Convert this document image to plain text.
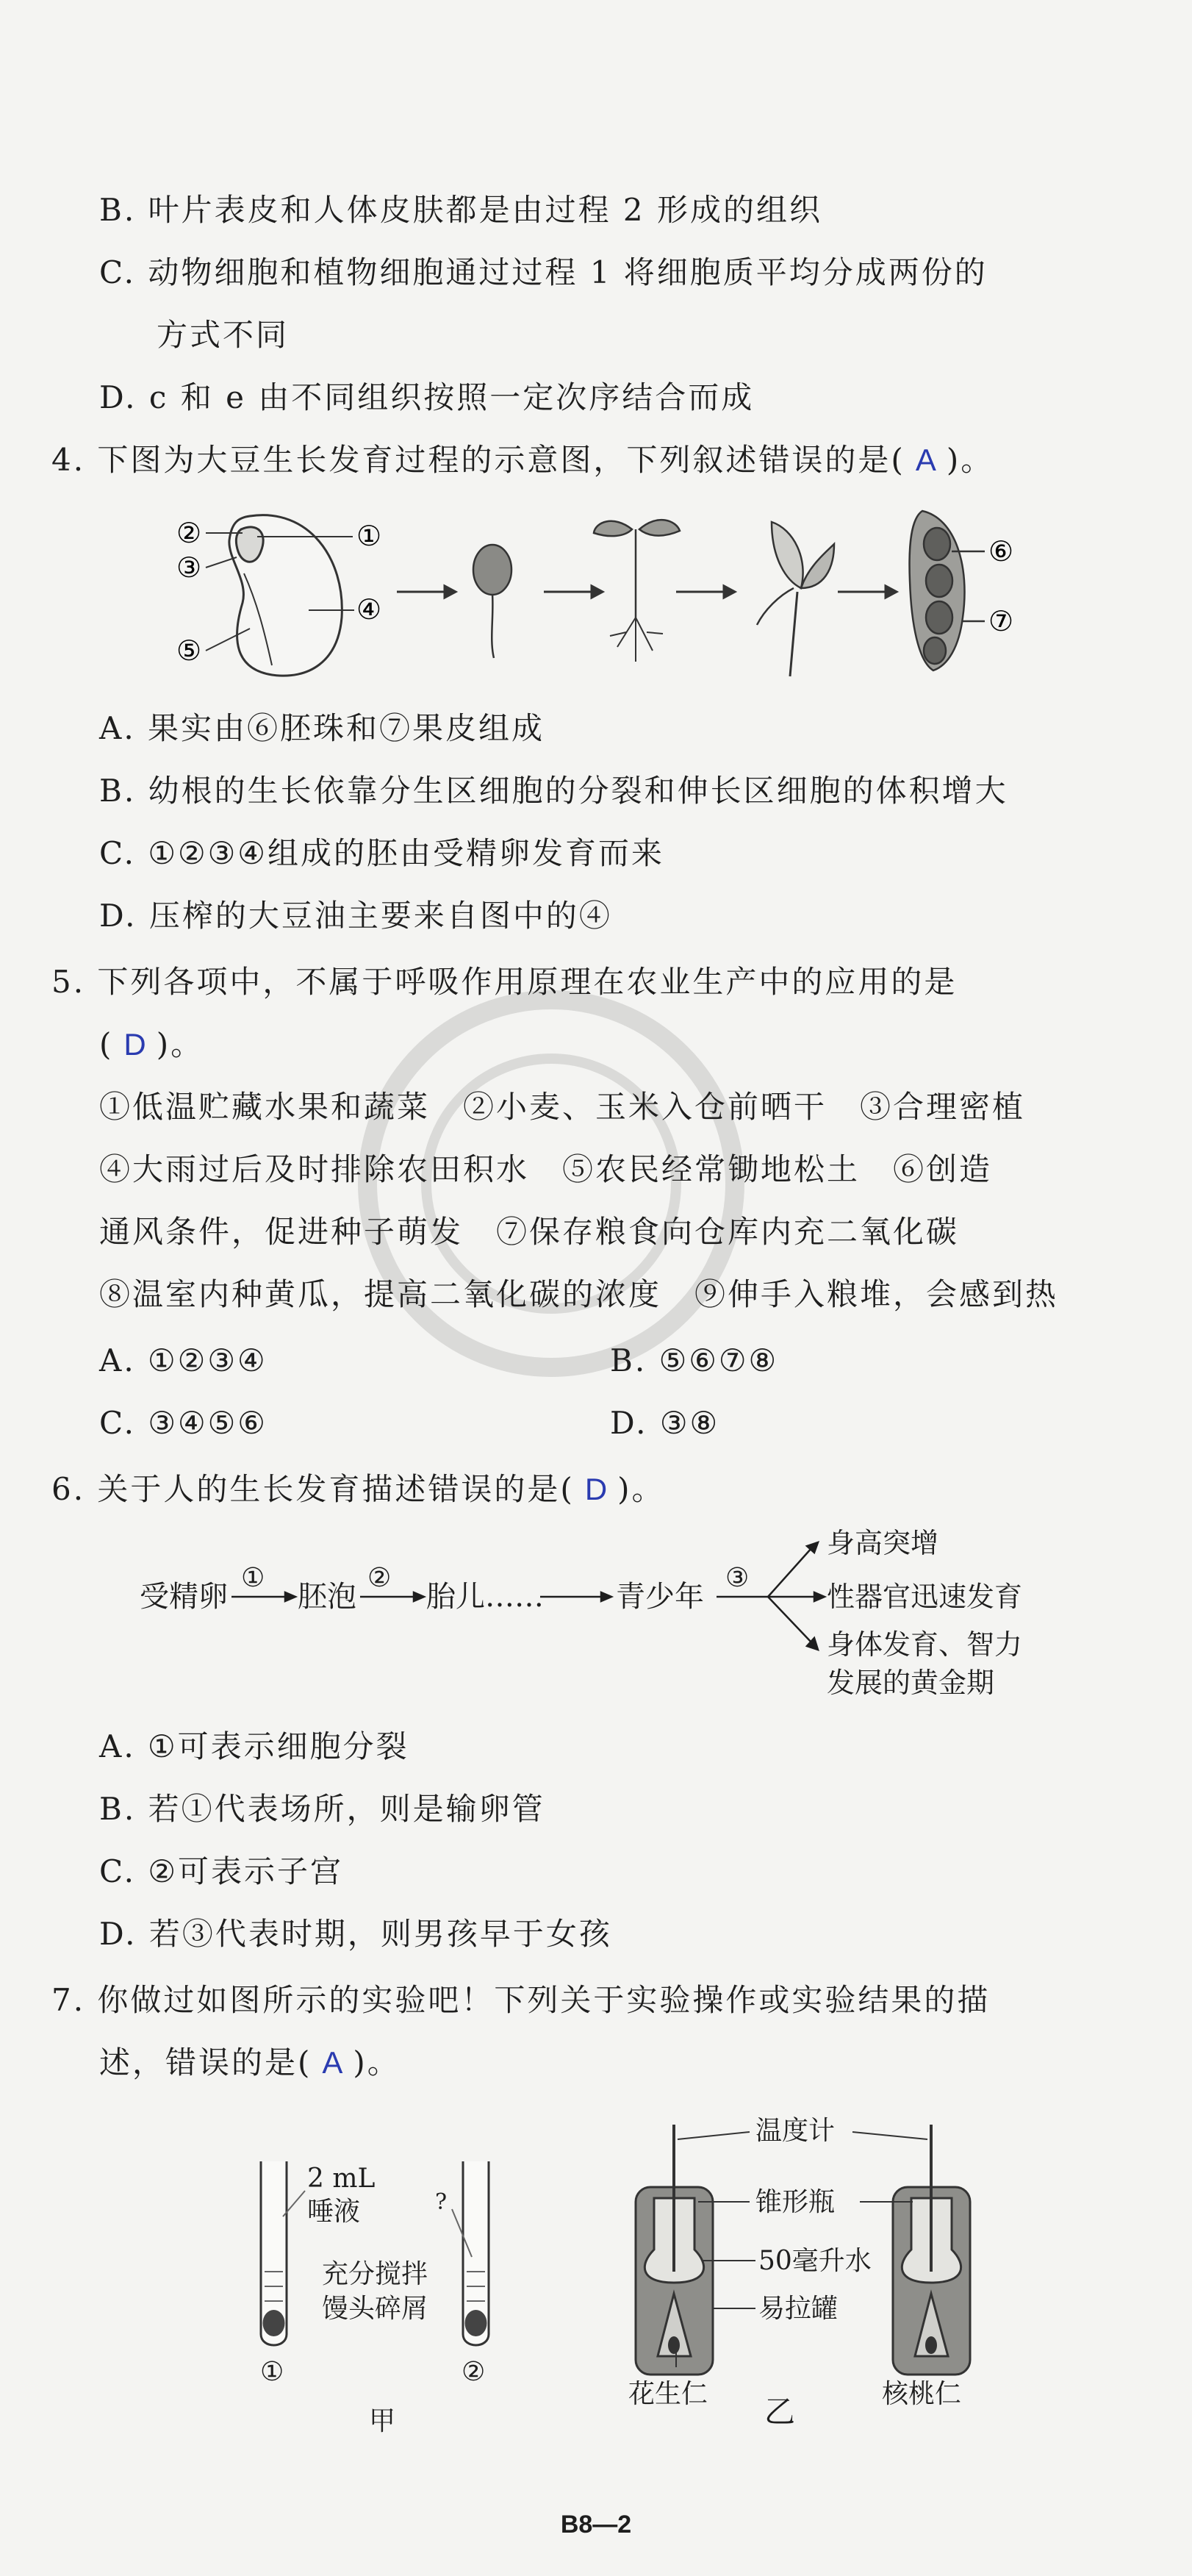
B. 叶片表皮和人体皮肤都是由过程 2 形成的组织
C. 动物细胞和植物细胞通过过程 1 将细胞质平均分成两份的
方式不同
D. c 和 e 由不同组织按照一定次序结合而成
4. 下图为大豆生长发育过程的示意图，下列叙述错误的是( A )。
②	①
③
④
⑤
⑥
⑦
A. 果实由⑥胚珠和⑦果皮组成
B. 幼根的生长依靠分生区细胞的分裂和伸长区细胞的体积增大
C. ①②③④组成的胚由受精卵发育而来
D. 压榨的大豆油主要来自图中的④
5. 下列各项中，不属于呼吸作用原理在农业生产中的应用的是
( D )。
①低温贮藏水果和蔬菜　②小麦、玉米入仓前晒干　③合理密植
④大雨过后及时排除农田积水　⑤农民经常锄地松土　⑥创造
通风条件，促进种子萌发　⑦保存粮食向仓库内充二氧化碳
⑧温室内种黄瓜，提高二氧化碳的浓度　⑨伸手入粮堆，会感到热
A. ①②③④	B. ⑤⑥⑦⑧
C. ③④⑤⑥	D. ③⑧
6. 关于人的生长发育描述错误的是( D )。
受精卵
①
胚泡
②
胎儿…… 青少年
③
身高突增
性器官迅速发育
身体发育、智力
发展的黄金期
A. ①可表示细胞分裂
B. 若①代表场所，则是输卵管
C. ②可表示子宫
D. 若③代表时期，则男孩早于女孩
7. 你做过如图所示的实验吧！下列关于实验操作或实验结果的描
述，错误的是( A )。
2 mL
唾液	?
充分搅拌
馒头碎屑
①	②
甲
温度计
锥形瓶
50毫升水
易拉罐
花生仁	核桃仁
乙
B8—2
